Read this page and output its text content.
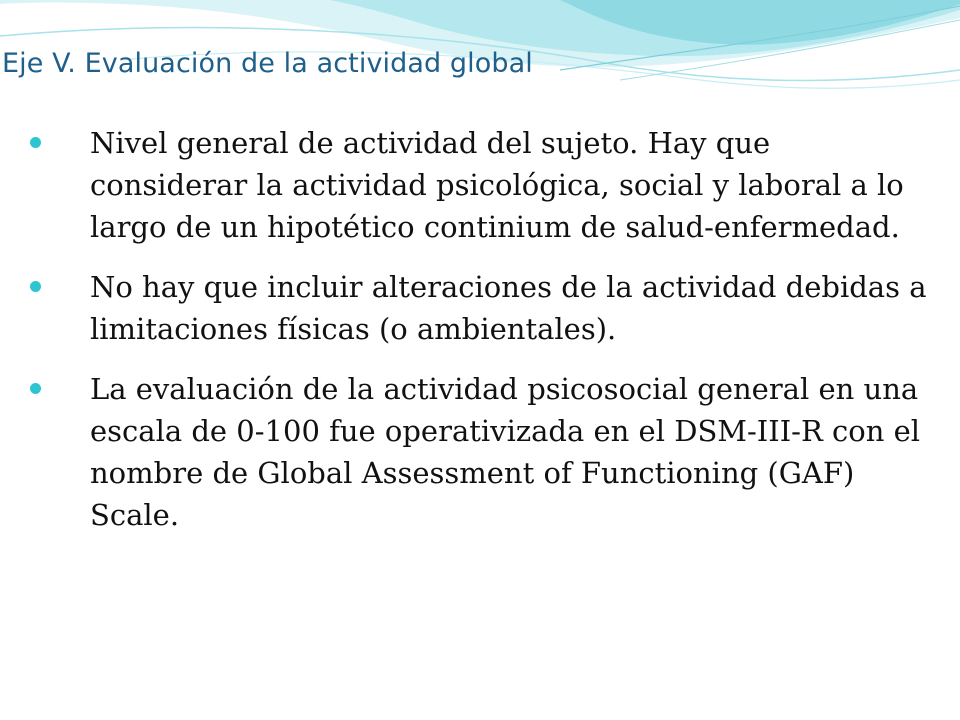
Eje V. Evaluación de la actividad global
Nivel general de actividad del sujeto. Hay que considerar la actividad psicológica, social y laboral a lo largo de un hipotético continium de salud-enfermedad.
No hay que incluir alteraciones de la actividad debidas a limitaciones físicas (o ambientales).
La evaluación de la actividad psicosocial general en una escala de 0-100 fue operativizada en el DSM-III-R con el nombre de Global Assessment of Functioning (GAF) Scale.
